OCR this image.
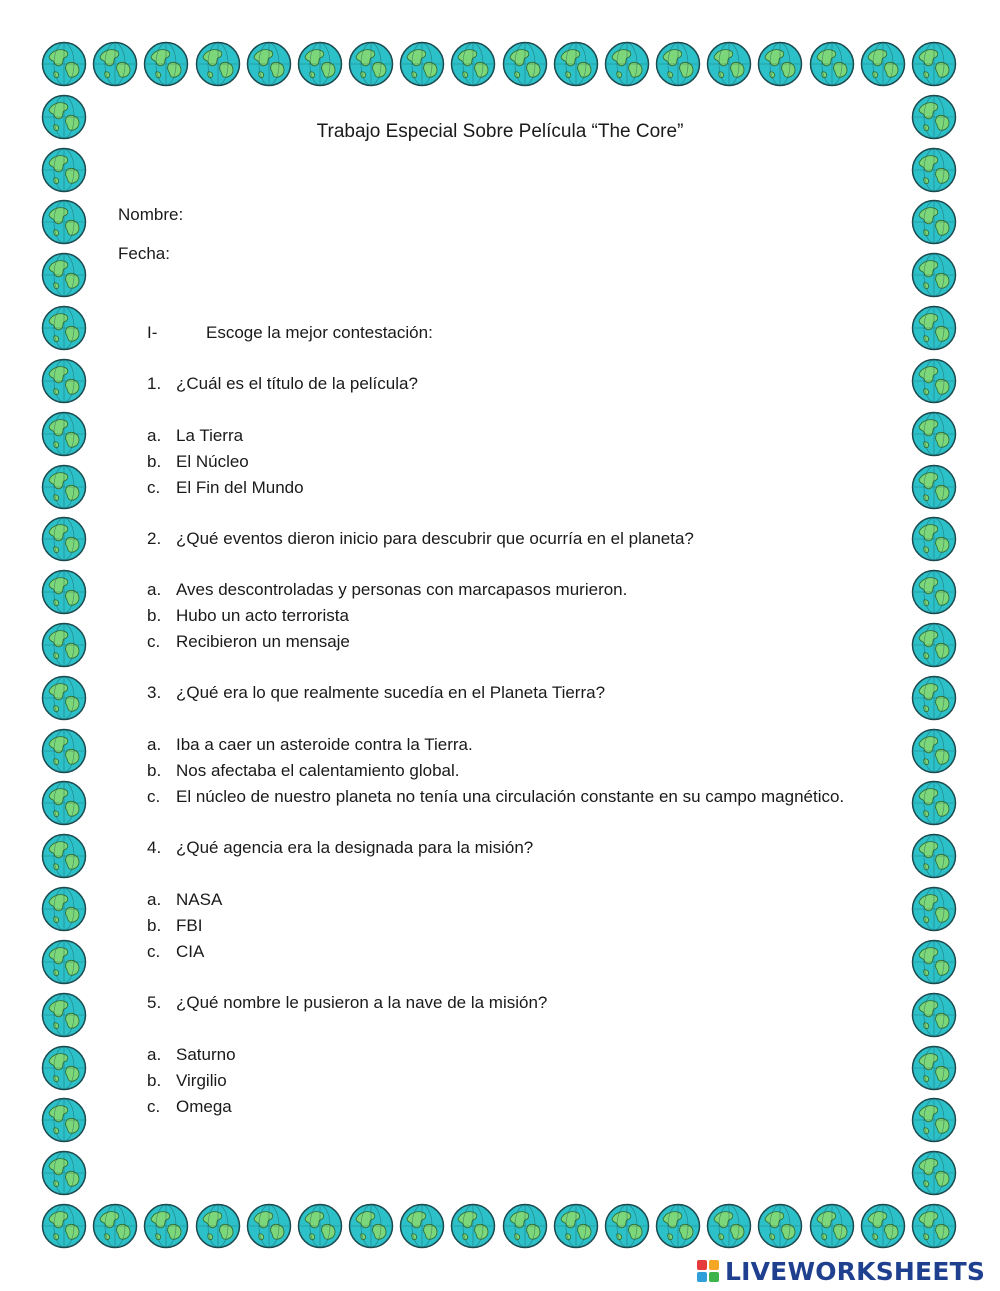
Trabajo Especial Sobre Película “The Core”
Nombre:
Fecha:
I-	Escoge la mejor contestación:
1. ¿Cuál es el título de la película?
a. La Tierra
b. El Núcleo
c. El Fin del Mundo
2. ¿Qué eventos dieron inicio para descubrir que ocurría en el planeta?
a. Aves descontroladas y personas con marcapasos murieron.
b. Hubo un acto terrorista
c. Recibieron un mensaje
3. ¿Qué era lo que realmente sucedía en el Planeta Tierra?
a. Iba a caer un asteroide contra la Tierra.
b. Nos afectaba el calentamiento global.
c. El núcleo de nuestro planeta no tenía una circulación constante en su campo magnético.
4. ¿Qué agencia era la designada para la misión?
a. NASA
b. FBI
c. CIA
5. ¿Qué nombre le pusieron a la nave de la misión?
a. Saturno
b. Virgilio
c. Omega
LIVEWORKSHEETS
